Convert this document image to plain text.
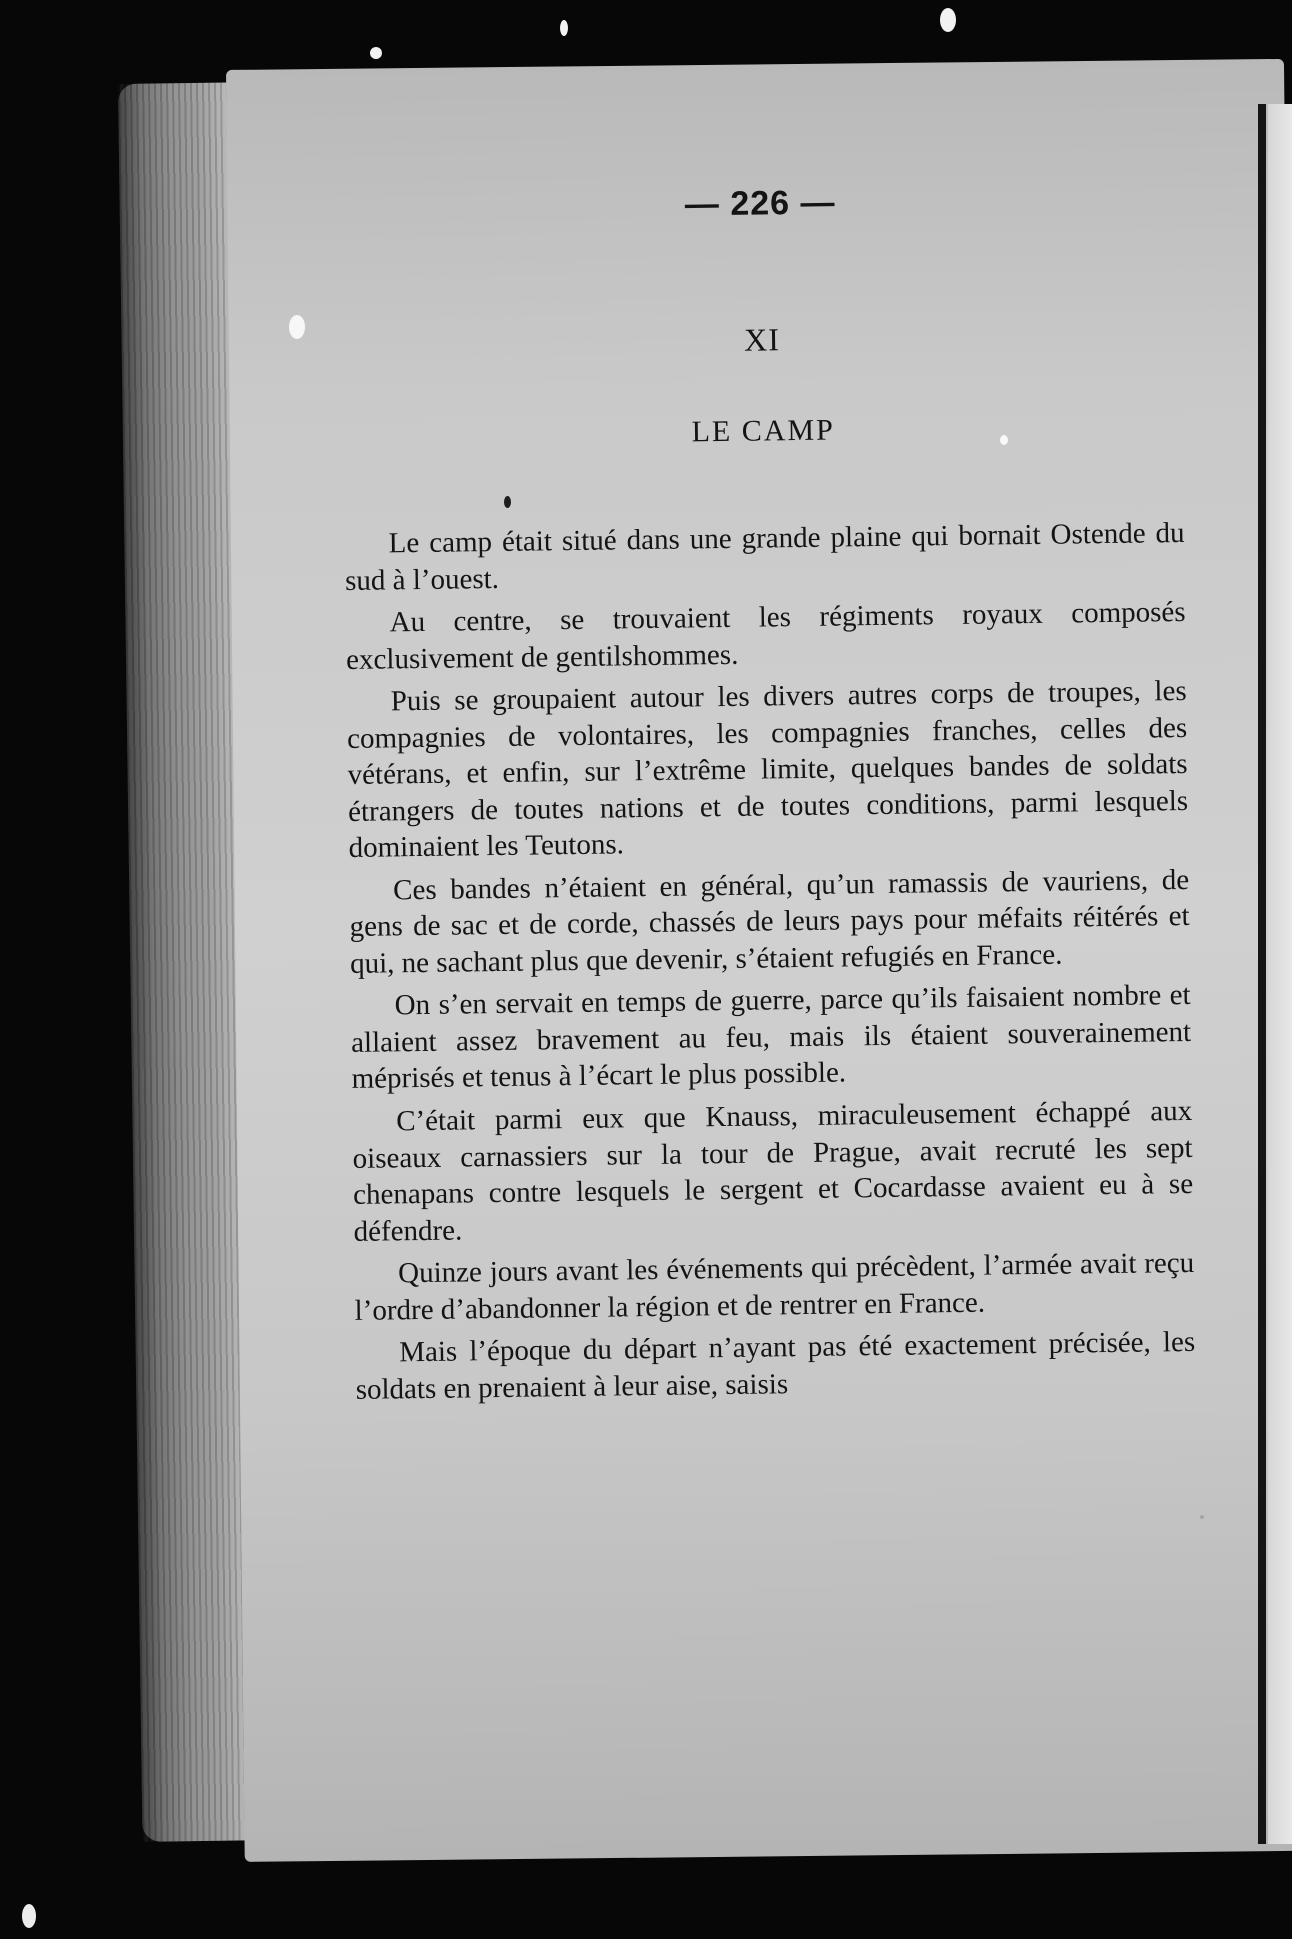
— 226 —
XI
LE CAMP

Le camp était situé dans une grande plaine qui bornait Ostende du sud à l’ouest.

Au centre, se trouvaient les régiments royaux composés exclusivement de gentilshommes.

Puis se groupaient autour les divers autres corps de troupes, les compagnies de volontaires, les compagnies franches, celles des vétérans, et enfin, sur l’extrême limite, quelques bandes de soldats étrangers de toutes nations et de toutes conditions, parmi lesquels dominaient les Teutons.

Ces bandes n’étaient en général, qu’un ramassis de vauriens, de gens de sac et de corde, chassés de leurs pays pour méfaits réitérés et qui, ne sachant plus que devenir, s’étaient refugiés en France.

On s’en servait en temps de guerre, parce qu’ils faisaient nombre et allaient assez bravement au feu, mais ils étaient souverainement méprisés et tenus à l’écart le plus possible.

C’était parmi eux que Knauss, miraculeusement échappé aux oiseaux carnassiers sur la tour de Prague, avait recruté les sept chenapans contre lesquels le sergent et Cocardasse avaient eu à se défendre.

Quinze jours avant les événements qui précèdent, l’armée avait reçu l’ordre d’abandonner la région et de rentrer en France.

Mais l’époque du départ n’ayant pas été exactement précisée, les soldats en prenaient à leur aise, saisis
